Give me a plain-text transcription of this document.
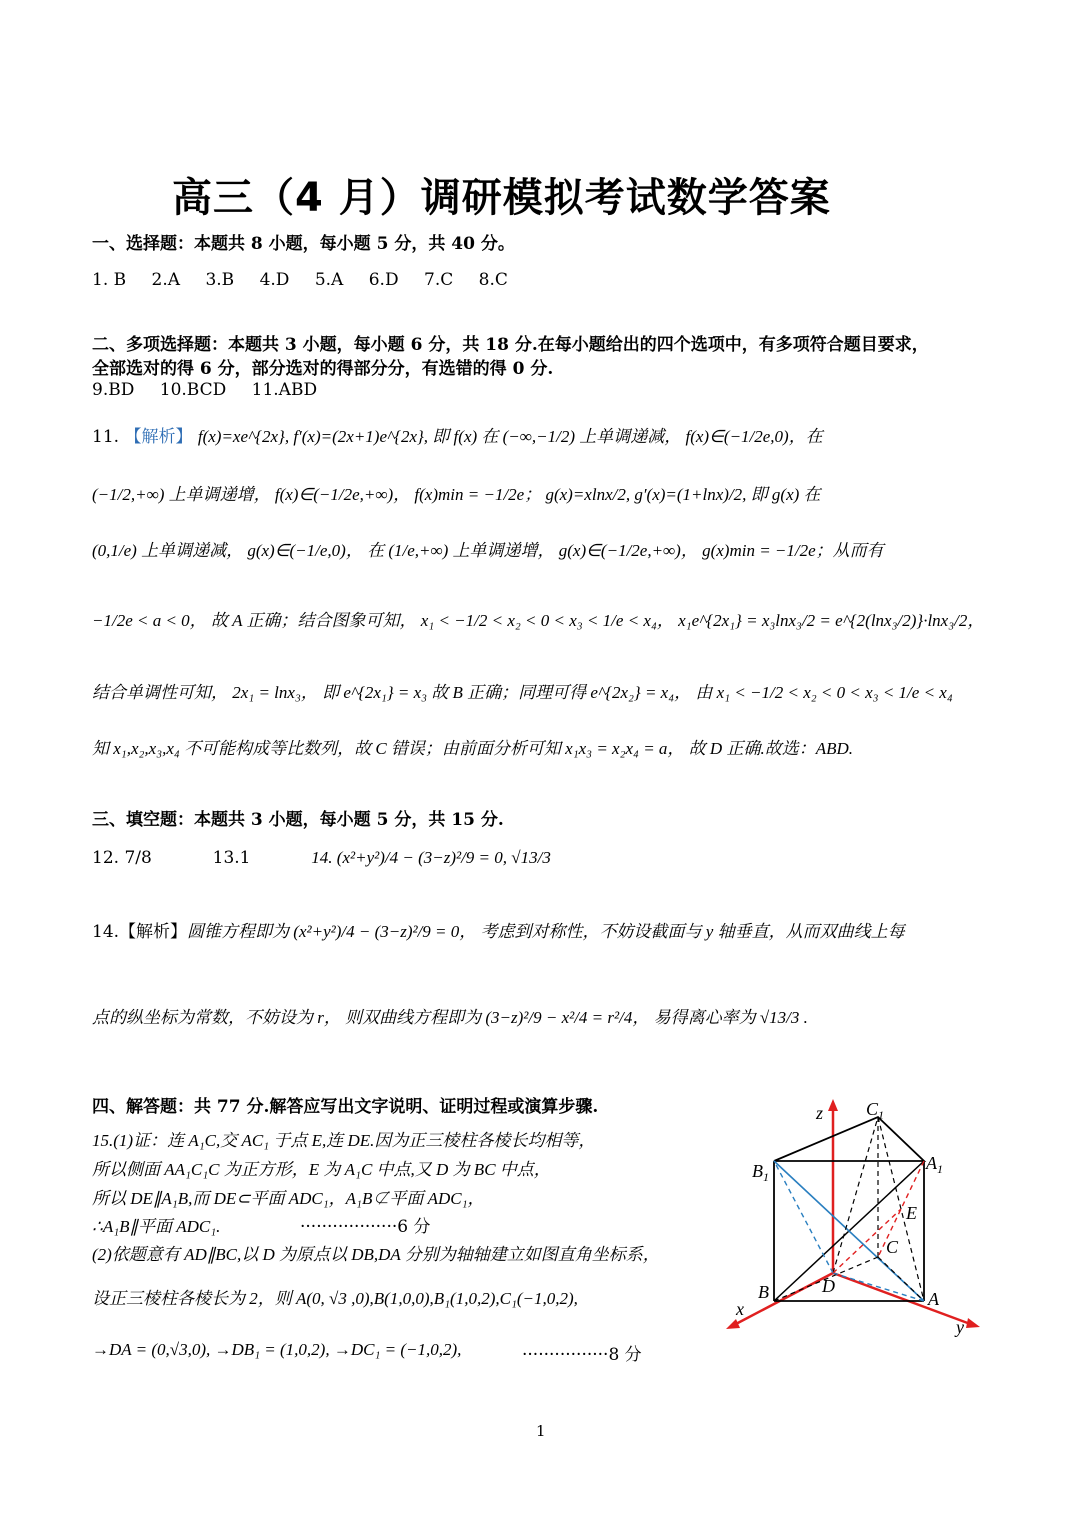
高三（4 月）调研模拟考试数学答案
一、选择题：本题共 8 小题，每小题 5 分，共 40 分。
1. B 2.A 3.B 4.D 5.A 6.D 7.C 8.C
二、多项选择题：本题共 3 小题，每小题 6 分，共 18 分.在每小题给出的四个选项中，有多项符合题目要求，
全部选对的得 6 分，部分选对的得部分分，有选错的得 0 分.
9.BD 10.BCD 11.ABD
11. 【解析】 f(x)=xe^{2x}, f′(x)=(2x+1)e^{2x}, 即 f(x) 在 (−∞,−1/2) 上单调递减， f(x)∈(−1/2e,0)，在
(−1/2,+∞) 上单调递增， f(x)∈(−1/2e,+∞)， f(x)min = −1/2e； g(x)=xlnx/2, g′(x)=(1+lnx)/2, 即 g(x) 在
(0,1/e) 上单调递减， g(x)∈(−1/e,0)， 在 (1/e,+∞) 上单调递增， g(x)∈(−1/2e,+∞)， g(x)min = −1/2e；从而有
−1/2e < a < 0， 故 A 正确；结合图象可知， x₁ < −1/2 < x₂ < 0 < x₃ < 1/e < x₄， x₁e^{2x₁} = x₃lnx₃/2 = e^{2(lnx₃/2)}·lnx₃/2，
结合单调性可知， 2x₁ = lnx₃， 即 e^{2x₁} = x₃ 故 B 正确；同理可得 e^{2x₂} = x₄， 由 x₁ < −1/2 < x₂ < 0 < x₃ < 1/e < x₄
知 x₁,x₂,x₃,x₄ 不可能构成等比数列，故 C 错误；由前面分析可知 x₁x₃ = x₂x₄ = a， 故 D 正确.故选：ABD.
三、填空题：本题共 3 小题，每小题 5 分，共 15 分.
12. 7/8	13.1	14. (x²+y²)/4 − (3−z)²/9 = 0, √13/3
14.【解析】圆锥方程即为 (x²+y²)/4 − (3−z)²/9 = 0， 考虑到对称性，不妨设截面与 y 轴垂直，从而双曲线上每
点的纵坐标为常数，不妨设为 r， 则双曲线方程即为 (3−z)²/9 − x²/4 = r²/4， 易得离心率为 √13/3 .
四、解答题：共 77 分.解答应写出文字说明、证明过程或演算步骤.
15.(1)证：连 A₁C,交 AC₁ 于点 E,连 DE.因为正三棱柱各棱长均相等，
所以侧面 AA₁C₁C 为正方形，E 为 A₁C 中点,又 D 为 BC 中点，
所以 DE∥A₁B,而 DE⊂平面 ADC₁，A₁B⊄平面 ADC₁，
∴A₁B∥平面 ADC₁.	··················6 分
(2)依题意有 AD∥BC,以 D 为原点以 DB,DA 分别为轴轴建立如图直角坐标系，
设正三棱柱各棱长为 2，则 A(0, √3 ,0),B(1,0,0),B₁(1,0,2),C₁(−1,0,2),
→DA = (0,√3,0), →DB₁ = (1,0,2), →DC₁ = (−1,0,2),	················8 分
z $C_1$
$B_1$
$A_1$
E
C
D
B	A
x
y
1
